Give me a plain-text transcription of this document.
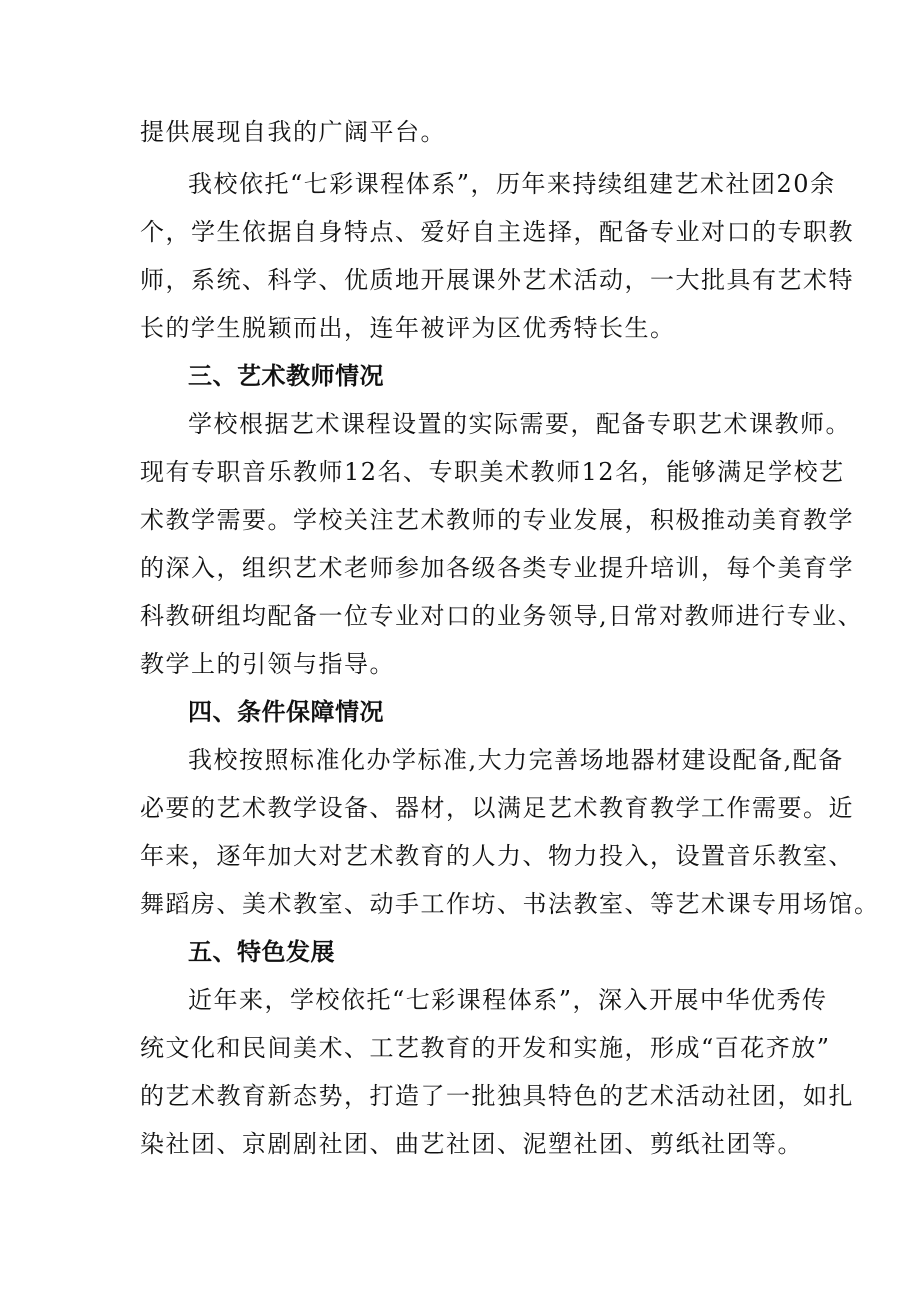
提供展现自我的广阔平台。
我校依托“七彩课程体系”，历年来持续组建艺术社团20余
个，学生依据自身特点、爱好自主选择，配备专业对口的专职教
师，系统、科学、优质地开展课外艺术活动，一大批具有艺术特
长的学生脱颖而出，连年被评为区优秀特长生。
三、艺术教师情况
学校根据艺术课程设置的实际需要，配备专职艺术课教师。
现有专职音乐教师12名、专职美术教师12名，能够满足学校艺
术教学需要。学校关注艺术教师的专业发展，积极推动美育教学
的深入，组织艺术老师参加各级各类专业提升培训，每个美育学
科教研组均配备一位专业对口的业务领导,日常对教师进行专业、
教学上的引领与指导。
四、条件保障情况
我校按照标准化办学标准,大力完善场地器材建设配备,配备
必要的艺术教学设备、器材，以满足艺术教育教学工作需要。近
年来，逐年加大对艺术教育的人力、物力投入，设置音乐教室、
舞蹈房、美术教室、动手工作坊、书法教室、等艺术课专用场馆。
五、特色发展
近年来，学校依托“七彩课程体系”，深入开展中华优秀传
统文化和民间美术、工艺教育的开发和实施，形成“百花齐放”
的艺术教育新态势，打造了一批独具特色的艺术活动社团，如扎
染社团、京剧剧社团、曲艺社团、泥塑社团、剪纸社团等。
